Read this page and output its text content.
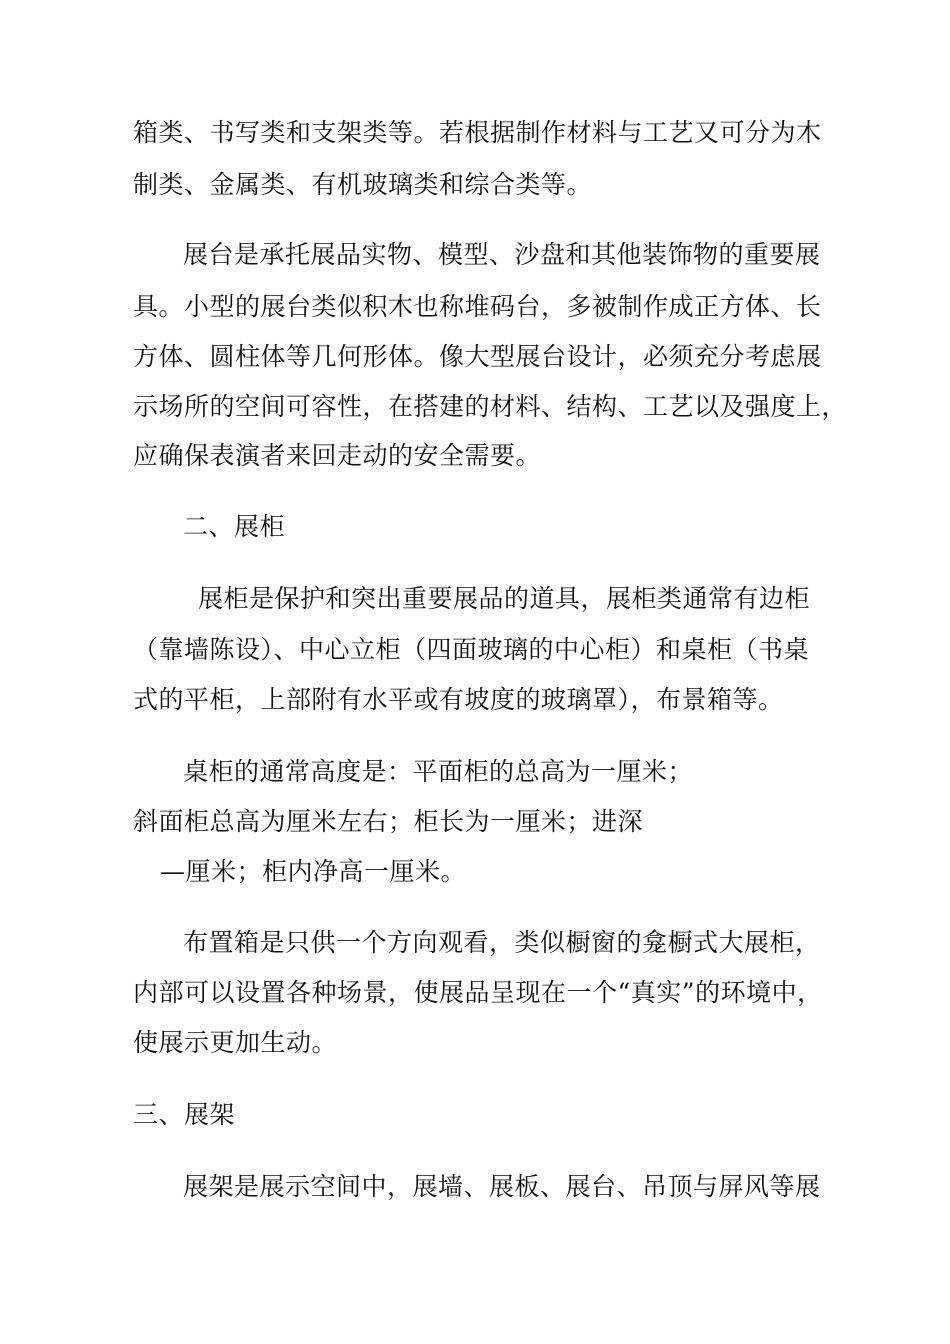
箱类、书写类和支架类等。若根据制作材料与工艺又可分为木
制类、金属类、有机玻璃类和综合类等。
展台是承托展品实物、模型、沙盘和其他装饰物的重要展
具。小型的展台类似积木也称堆码台，多被制作成正方体、长
方体、圆柱体等几何形体。像大型展台设计，必须充分考虑展
示场所的空间可容性，在搭建的材料、结构、工艺以及强度上，
应确保表演者来回走动的安全需要。
二、展柜
展柜是保护和突出重要展品的道具，展柜类通常有边柜
（靠墙陈设）、中心立柜（四面玻璃的中心柜）和桌柜（书桌
式的平柜，上部附有水平或有坡度的玻璃罩），布景箱等。
桌柜的通常高度是：平面柜的总高为一厘米；
斜面柜总高为厘米左右；柜长为一厘米；进深
—厘米；柜内净高一厘米。
布置箱是只供一个方向观看，类似橱窗的龛橱式大展柜，
内部可以设置各种场景，使展品呈现在一个“真实”的环境中，
使展示更加生动。
三、展架
展架是展示空间中，展墙、展板、展台、吊顶与屏风等展
